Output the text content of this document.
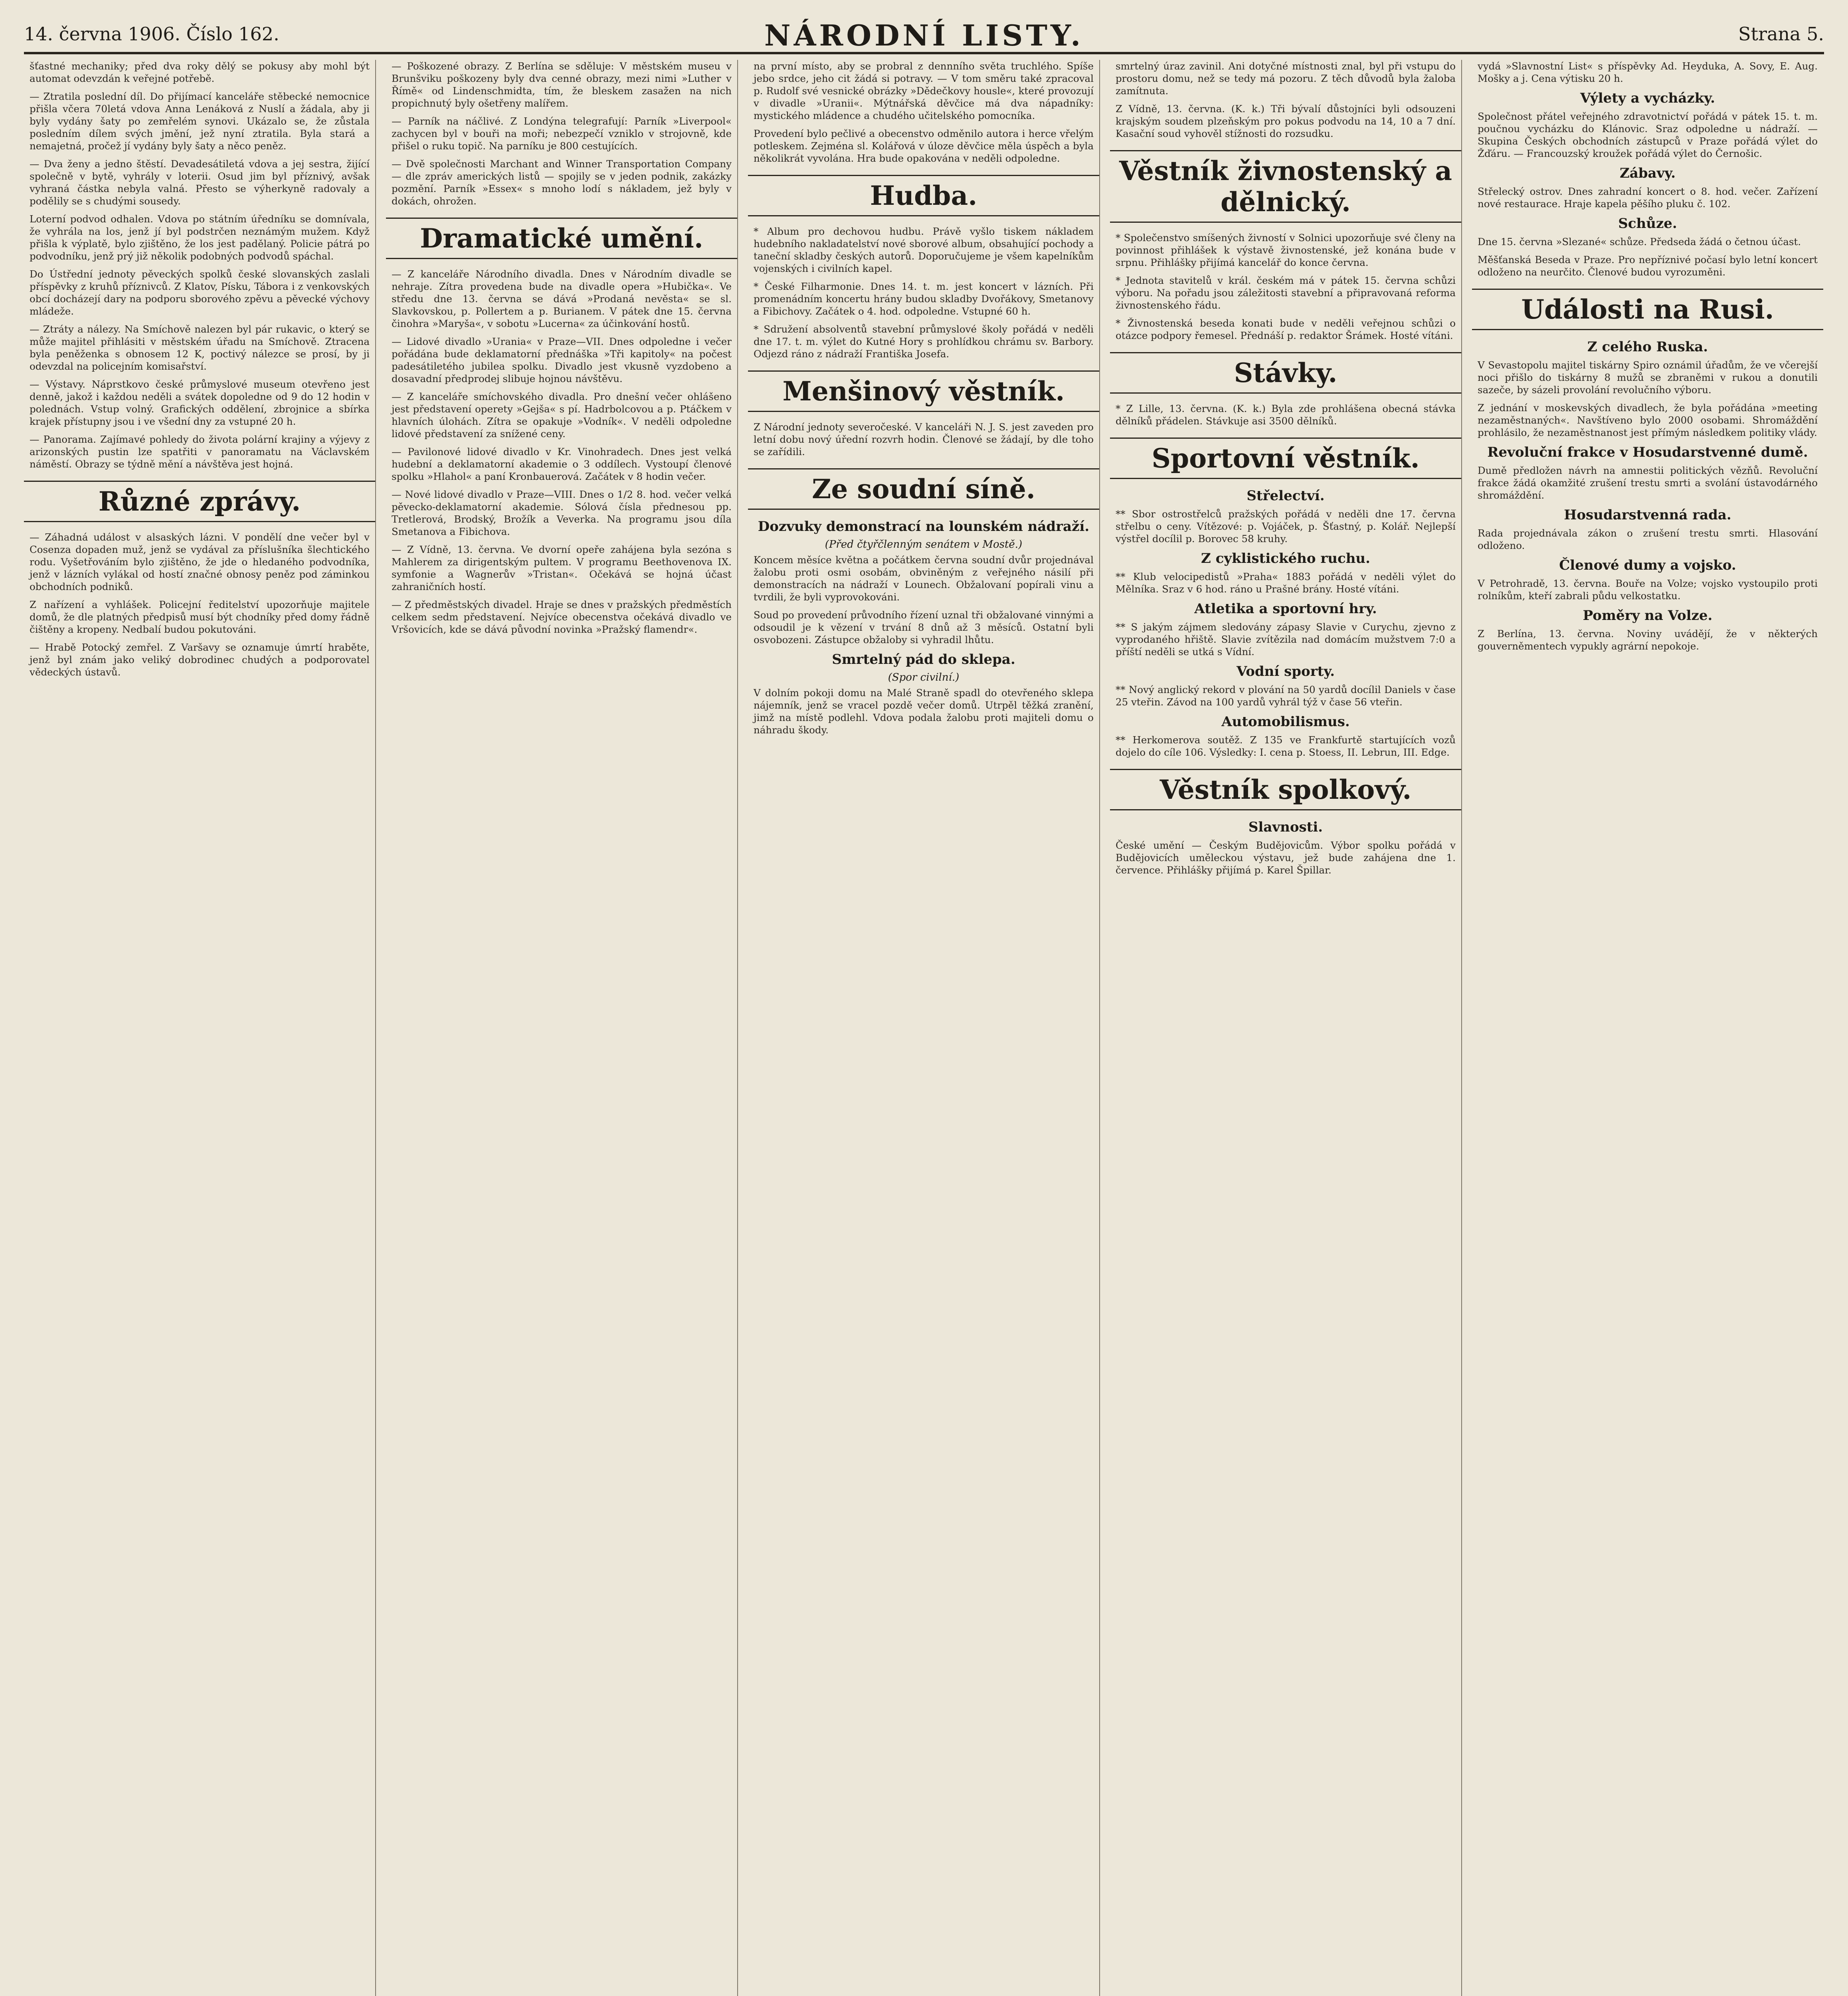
14. června 1906. Číslo 162.	NÁRODNÍ LISTY.	Strana 5.

šťastné mechaniky; před dva roky dělý se pokusy aby mohl být automat odevzdán k veřejné potřebě.

— Ztratila poslední díl. Do přijímací kanceláře stěbecké nemocnice přišla včera 70letá vdova Anna Lenáková z Nuslí a žádala, aby ji byly vydány šaty po zemřelém synovi. Ukázalo se, že zůstala posledním dílem svých jmění, jež nyní ztratila. Byla stará a nemajetná, pročež jí vydány byly šaty a něco peněz.

— Dva ženy a jedno štěstí. Devadesátiletá vdova a jej sestra, žijící společně v bytě, vyhrály v loterii. Osud jim byl příznivý, avšak vyhraná částka nebyla valná. Přesto se výherkyně radovaly a podělily se s chudými sousedy.

Loterní podvod odhalen. Vdova po státním úředníku se domnívala, že vyhrála na los, jenž jí byl podstrčen neznámým mužem. Když přišla k výplatě, bylo zjištěno, že los jest padělaný. Policie pátrá po podvodníku, jenž prý již několik podobných podvodů spáchal.

Do Ústřední jednoty pěveckých spolků české slovanských zaslali příspěvky z kruhů příznivců. Z Klatov, Písku, Tábora i z venkovských obcí docházejí dary na podporu sborového zpěvu a pěvecké výchovy mládeže.

— Ztráty a nálezy. Na Smíchově nalezen byl pár rukavic, o který se může majitel přihlásiti v městském úřadu na Smíchově. Ztracena byla peněženka s obnosem 12 K, poctivý nálezce se prosí, by ji odevzdal na policejním komisařství.

— Výstavy. Náprstkovo české průmyslové museum otevřeno jest denně, jakož i každou neděli a svátek dopoledne od 9 do 12 hodin v polednách. Vstup volný. Grafických oddělení, zbrojnice a sbírka krajek přístupny jsou i ve všední dny za vstupné 20 h.

— Panorama. Zajímavé pohledy do života polární krajiny a výjevy z arizonských pustin lze spatřiti v panoramatu na Václavském náměstí. Obrazy se týdně mění a návštěva jest hojná.

Různé zprávy.

— Záhadná událost v alsaských lázni. V pondělí dne večer byl v Cosenza dopaden muž, jenž se vydával za příslušníka šlechtického rodu. Vyšetřováním bylo zjištěno, že jde o hledaného podvodníka, jenž v lázních vylákal od hostí značné obnosy peněz pod záminkou obchodních podniků.

Z nařízení a vyhlášek. Policejní ředitelství upozorňuje majitele domů, že dle platných předpisů musí být chodníky před domy řádně čištěny a kropeny. Nedbalí budou pokutováni.

— Hrabě Potocký zemřel. Z Varšavy se oznamuje úmrtí hraběte, jenž byl znám jako veliký dobrodinec chudých a podporovatel vědeckých ústavů.

— Poškozené obrazy. Z Berlína se sděluje: V městském museu v Brunšviku poškozeny byly dva cenné obrazy, mezi nimi »Luther v Římě« od Lindenschmidta, tím, že bleskem zasažen na nich propichnutý byly ošetřeny malířem.

— Parník na náčlivé. Z Londýna telegrafují: Parník »Liverpool« zachycen byl v bouři na moři; nebezpečí vzniklo v strojovně, kde přišel o ruku topič. Na parníku je 800 cestujících.

— Dvě společnosti Marchant and Winner Transportation Company — dle zpráv amerických listů — spojily se v jeden podnik, zakázky pozmění. Parník »Essex« s mnoho lodí s nákladem, jež byly v dokách, ohrožen.

Dramatické umění.

— Z kanceláře Národního divadla. Dnes v Národním divadle se nehraje. Zítra provedena bude na divadle opera »Hubička«. Ve středu dne 13. června se dává »Prodaná nevěsta« se sl. Slavkovskou, p. Pollertem a p. Burianem. V pátek dne 15. června činohra »Maryša«, v sobotu »Lucerna« za účinkování hostů.

— Lidové divadlo »Urania« v Praze—VII. Dnes odpoledne i večer pořádána bude deklamatorní přednáška »Tři kapitoly« na počest padesátiletého jubilea spolku. Divadlo jest vkusně vyzdobeno a dosavadní předprodej slibuje hojnou návštěvu.

— Z kanceláře smíchovského divadla. Pro dnešní večer ohlášeno jest představení operety »Gejša« s pí. Hadrbolcovou a p. Ptáčkem v hlavních úlohách. Zítra se opakuje »Vodník«. V neděli odpoledne lidové představení za snížené ceny.

— Pavilonové lidové divadlo v Kr. Vinohradech. Dnes jest velká hudební a deklamatorní akademie o 3 oddílech. Vystoupí členové spolku »Hlahol« a paní Kronbauerová. Začátek v 8 hodin večer.

— Nové lidové divadlo v Praze—VIII. Dnes o 1/2 8. hod. večer velká pěvecko-deklamatorní akademie. Sólová čísla přednesou pp. Tretlerová, Brodský, Brožík a Veverka. Na programu jsou díla Smetanova a Fibichova.

— Z Vídně, 13. června. Ve dvorní opeře zahájena byla sezóna s Mahlerem za dirigentským pultem. V programu Beethovenova IX. symfonie a Wagnerův »Tristan«. Očekává se hojná účast zahraničních hostí.

— Z předměstských divadel. Hraje se dnes v pražských předměstích celkem sedm představení. Nejvíce obecenstva očekává divadlo ve Vršovicích, kde se dává původní novinka »Pražský flamendr«.

na první místo, aby se probral z dennního světa truchlého. Spíše jebo srdce, jeho cit žádá si potravy. — V tom směru také zpracoval p. Rudolf své vesnické obrázky »Dědečkovy housle«, které provozují v divadle »Uranii«. Mýtnářská děvčice má dva nápadníky: mystického mládence a chudého učitelského pomocníka.

Provedení bylo pečlivé a obecenstvo odměnilo autora i herce vřelým potleskem. Zejména sl. Kolářová v úloze děvčice měla úspěch a byla několikrát vyvolána. Hra bude opakována v neděli odpoledne.

Hudba.

* Album pro dechovou hudbu. Právě vyšlo tiskem nákladem hudebního nakladatelství nové sborové album, obsahující pochody a taneční skladby českých autorů. Doporučujeme je všem kapelníkům vojenských i civilních kapel.

* České Filharmonie. Dnes 14. t. m. jest koncert v lázních. Při promenádním koncertu hrány budou skladby Dvořákovy, Smetanovy a Fibichovy. Začátek o 4. hod. odpoledne. Vstupné 60 h.

* Sdružení absolventů stavební průmyslové školy pořádá v neděli dne 17. t. m. výlet do Kutné Hory s prohlídkou chrámu sv. Barbory. Odjezd ráno z nádraží Františka Josefa.

Menšinový věstník.

Z Národní jednoty severočeské. V kanceláři N. J. S. jest zaveden pro letní dobu nový úřední rozvrh hodin. Členové se žádají, by dle toho se zařídili.

Ze soudní síně.
Dozvuky demonstrací na lounském nádraží.
(Před čtyřčlenným senátem v Mostě.)

Koncem měsíce května a počátkem června soudní dvůr projednával žalobu proti osmi osobám, obviněným z veřejného násilí při demonstracích na nádraží v Lounech. Obžalovaní popírali vinu a tvrdili, že byli vyprovokováni.

Soud po provedení průvodního řízení uznal tři obžalované vinnými a odsoudil je k vězení v trvání 8 dnů až 3 měsíců. Ostatní byli osvobozeni. Zástupce obžaloby si vyhradil lhůtu.

Smrtelný pád do sklepa.
(Spor civilní.)

V dolním pokoji domu na Malé Straně spadl do otevřeného sklepa nájemník, jenž se vracel pozdě večer domů. Utrpěl těžká zranění, jimž na místě podlehl. Vdova podala žalobu proti majiteli domu o náhradu škody.

smrtelný úraz zavinil. Ani dotyčné místnosti znal, byl při vstupu do prostoru domu, než se tedy má pozoru. Z těch důvodů byla žaloba zamítnuta.

Z Vídně, 13. června. (K. k.) Tři bývalí důstojníci byli odsouzeni krajským soudem plzeňským pro pokus podvodu na 14, 10 a 7 dní. Kasační soud vyhověl stížnosti do rozsudku.

Věstník živnostenský a dělnický.

* Společenstvo smíšených živností v Solnici upozorňuje své členy na povinnost přihlášek k výstavě živnostenské, jež konána bude v srpnu. Přihlášky přijímá kancelář do konce června.

* Jednota stavitelů v král. českém má v pátek 15. června schůzi výboru. Na pořadu jsou záležitosti stavební a připravovaná reforma živnostenského řádu.

* Živnostenská beseda konati bude v neděli veřejnou schůzi o otázce podpory řemesel. Přednáší p. redaktor Šrámek. Hosté vítáni.

Stávky.

* Z Lille, 13. června. (K. k.) Byla zde prohlášena obecná stávka dělníků přádelen. Stávkuje asi 3500 dělníků.

Sportovní věstník.
Střelectví.

** Sbor ostrostřelců pražských pořádá v neděli dne 17. června střelbu o ceny. Vítězové: p. Vojáček, p. Šťastný, p. Kolář. Nejlepší výstřel docílil p. Borovec 58 kruhy.

Z cyklistického ruchu.

** Klub velocipedistů »Praha« 1883 pořádá v neděli výlet do Mělníka. Sraz v 6 hod. ráno u Prašné brány. Hosté vítáni.

Atletika a sportovní hry.

** S jakým zájmem sledovány zápasy Slavie v Curychu, zjevno z vyprodaného hřiště. Slavie zvítězila nad domácím mužstvem 7:0 a příští neděli se utká s Vídní.

Vodní sporty.

** Nový anglický rekord v plování na 50 yardů docílil Daniels v čase 25 vteřin. Závod na 100 yardů vyhrál týž v čase 56 vteřin.

Automobilismus.

** Herkomerova soutěž. Z 135 ve Frankfurtě startujících vozů dojelo do cíle 106. Výsledky: I. cena p. Stoess, II. Lebrun, III. Edge.

Věstník spolkový.
Slavnosti.

České umění — Českým Budějovicům. Výbor spolku pořádá v Budějovicích uměleckou výstavu, jež bude zahájena dne 1. července. Přihlášky přijímá p. Karel Špillar.

vydá »Slavnostní List« s příspěvky Ad. Heyduka, A. Sovy, E. Aug. Mošky a j. Cena výtisku 20 h.

Výlety a vycházky.

Společnost přátel veřejného zdravotnictví pořádá v pátek 15. t. m. poučnou vycházku do Klánovic. Sraz odpoledne u nádraží. — Skupina Českých obchodních zástupců v Praze pořádá výlet do Žďáru. — Francouzský kroužek pořádá výlet do Černošic.

Zábavy.

Střelecký ostrov. Dnes zahradní koncert o 8. hod. večer. Zařízení nové restaurace. Hraje kapela pěšího pluku č. 102.

Schůze.

Dne 15. června »Slezané« schůze. Předseda žádá o četnou účast.

Měšťanská Beseda v Praze. Pro nepříznivé počasí bylo letní koncert odloženo na neurčito. Členové budou vyrozuměni.

Události na Rusi.
Z celého Ruska.

V Sevastopolu majitel tiskárny Spiro oznámil úřadům, že ve včerejší noci přišlo do tiskárny 8 mužů se zbraněmi v rukou a donutili sazeče, by sázeli provolání revolučního výboru.

Z jednání v moskevských divadlech, že byla pořádána »meeting nezaměstnaných«. Navštíveno bylo 2000 osobami. Shromáždění prohlásilo, že nezaměstnanost jest přímým následkem politiky vlády.

Revoluční frakce v Hosudarstvenné dumě.

Dumě předložen návrh na amnestii politických vězňů. Revoluční frakce žádá okamžité zrušení trestu smrti a svolání ústavodárného shromáždění.

Hosudarstvenná rada.

Rada projednávala zákon o zrušení trestu smrti. Hlasování odloženo.

Členové dumy a vojsko.

V Petrohradě, 13. června. Bouře na Volze; vojsko vystoupilo proti rolníkům, kteří zabrali půdu velkostatku.

Poměry na Volze.

Z Berlína, 13. června. Noviny uvádějí, že v některých gouverněmentech vypukly agrární nepokoje.
